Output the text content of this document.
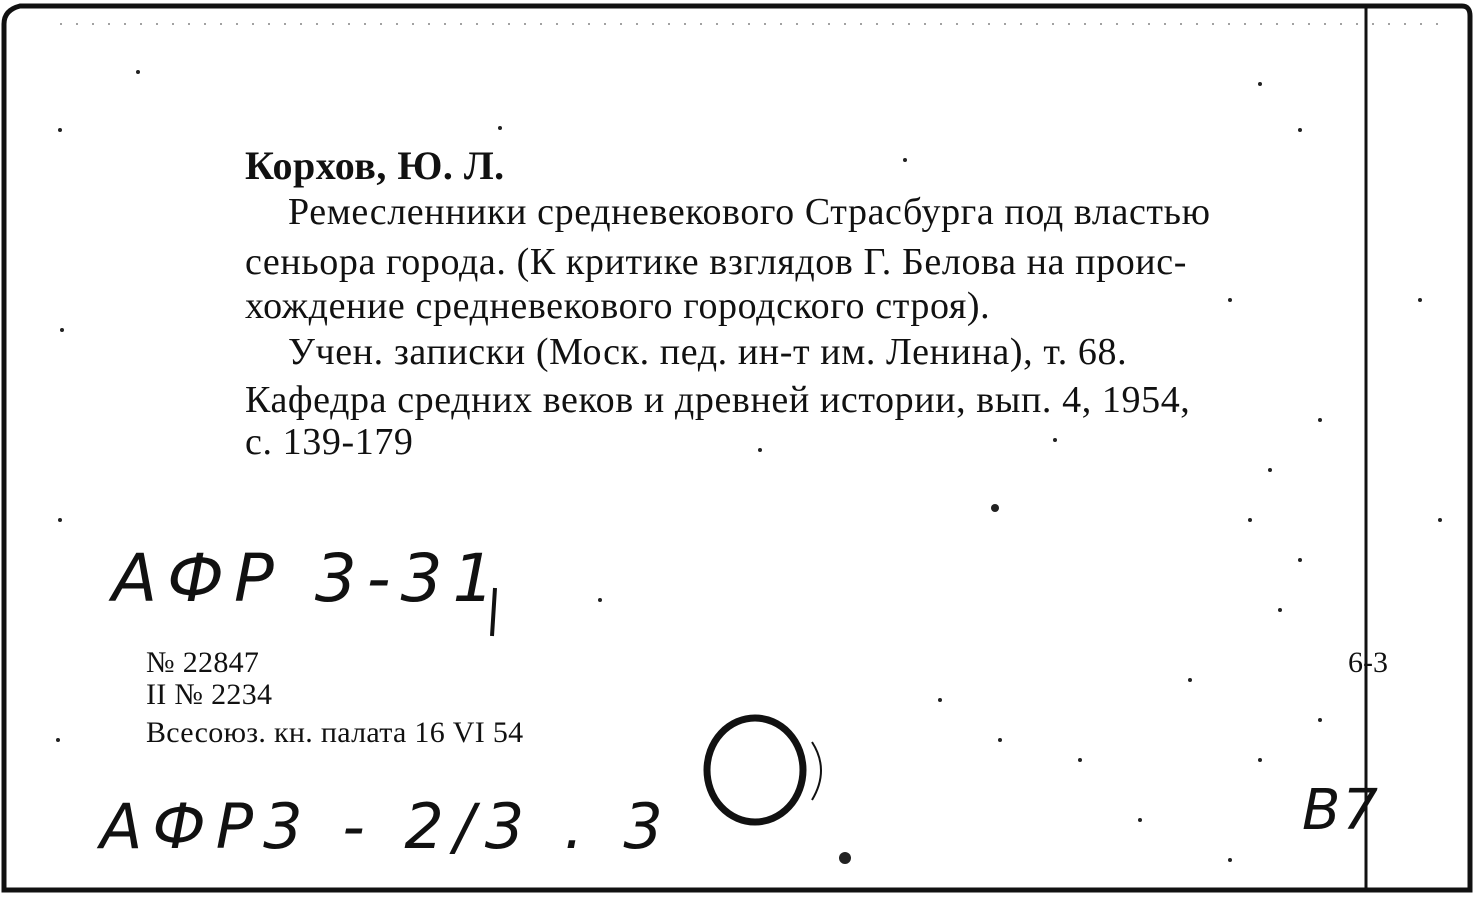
Корхов, Ю. Л.
Ремесленники средневекового Страсбурга под властью
сеньора города. (К критике взглядов Г. Белова на проис-
хождение средневекового городского строя).
Учен. записки (Моск. пед. ин-т им. Ленина), т. 68.
Кафедра средних веков и древней истории, вып. 4, 1954,
с. 139-179
АФР 3-31
№ 22847
II № 2234
Всесоюз. кн. палата 16 VI 54
6-3
АФР3 - 2/3 . 3	В7
